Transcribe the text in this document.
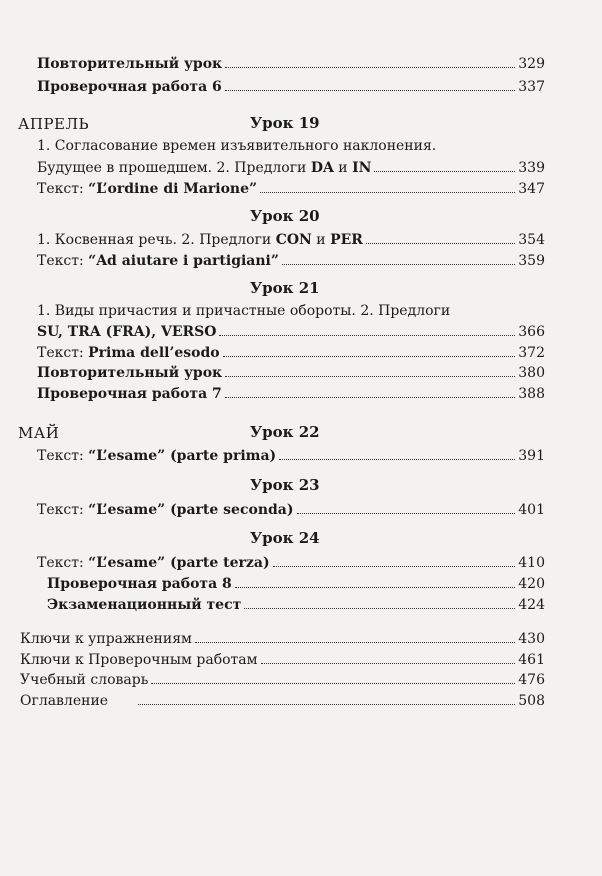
Повторительный урок	329
Проверочная работа 6	337
АПРЕЛЬ	Урок 19
1. Согласование времен изъявительного наклонения.
Будущее в прошедшем. 2. Предлоги DA и IN	339
Текст: “L’ordine di Marione”	347
Урок 20
1. Косвенная речь. 2. Предлоги CON и PER	354
Текст: “Ad aiutare i partigiani”	359
Урок 21
1. Виды причастия и причастные обороты. 2. Предлоги
SU, TRA (FRA), VERSO	366
Текст: Prima dell’esodo	372
Повторительный урок	380
Проверочная работа 7	388
МАЙ	Урок 22
Текст: “L’esame” (parte prima)	391
Урок 23
Текст: “L’esame” (parte seconda)	401
Урок 24
Текст: “L’esame” (parte terza)	410
Проверочная работа 8	420
Экзаменационный тест	424
Ключи к упражнениям	430
Ключи к Проверочным работам	461
Учебный словарь	476
Оглавление	508
